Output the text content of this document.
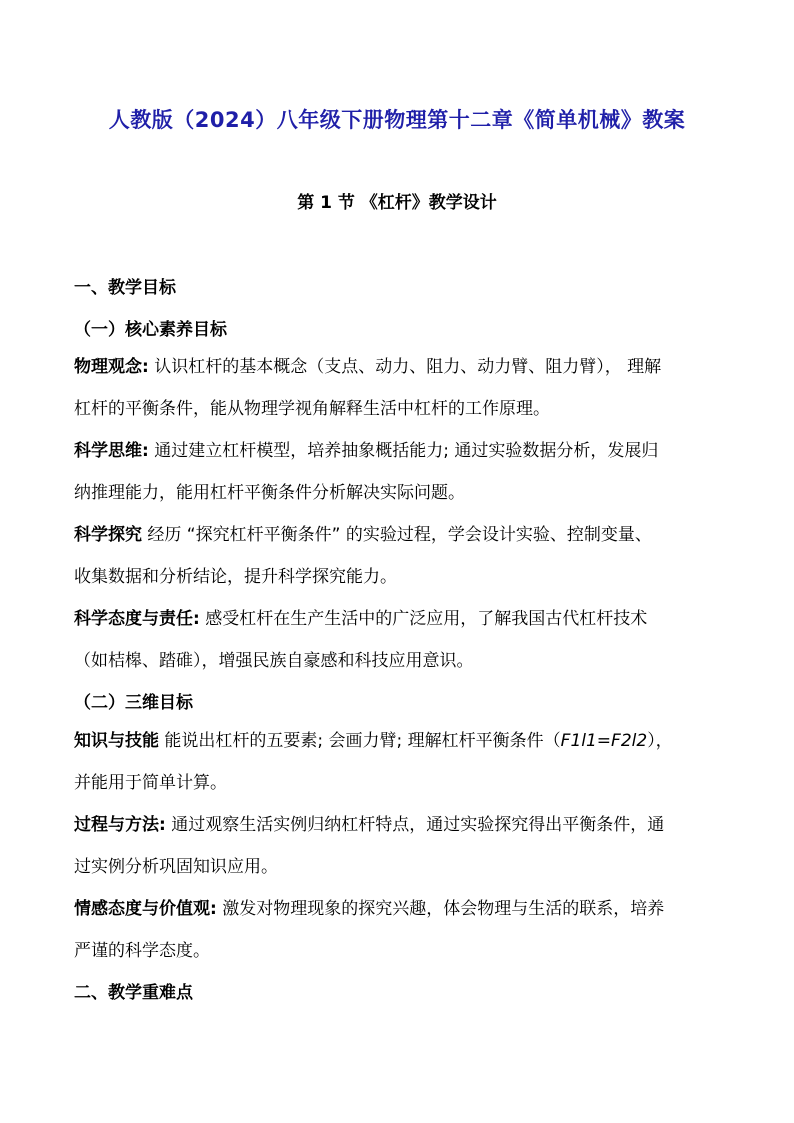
人教版（2024）八年级下册物理第十二章《简单机械》教案
第 1 节 《杠杆》教学设计
一、教学目标
（一）核心素养目标
物理观念: 认识杠杆的基本概念（支点、动力、阻力、动力臂、阻力臂）， 理解
杠杆的平衡条件，能从物理学视角解释生活中杠杆的工作原理。
科学思维: 通过建立杠杆模型，培养抽象概括能力; 通过实验数据分析，发展归
纳推理能力，能用杠杆平衡条件分析解决实际问题。
科学探究 经历 “探究杠杆平衡条件” 的实验过程，学会设计实验、控制变量、
收集数据和分析结论，提升科学探究能力。
科学态度与责任: 感受杠杆在生产生活中的广泛应用，了解我国古代杠杆技术
（如桔槔、踏碓），增强民族自豪感和科技应用意识。
（二）三维目标
知识与技能 能说出杠杆的五要素; 会画力臂; 理解杠杆平衡条件（F1l1=F2l2），
并能用于简单计算。
过程与方法: 通过观察生活实例归纳杠杆特点，通过实验探究得出平衡条件，通
过实例分析巩固知识应用。
情感态度与价值观: 激发对物理现象的探究兴趣，体会物理与生活的联系，培养
严谨的科学态度。
二、教学重难点
